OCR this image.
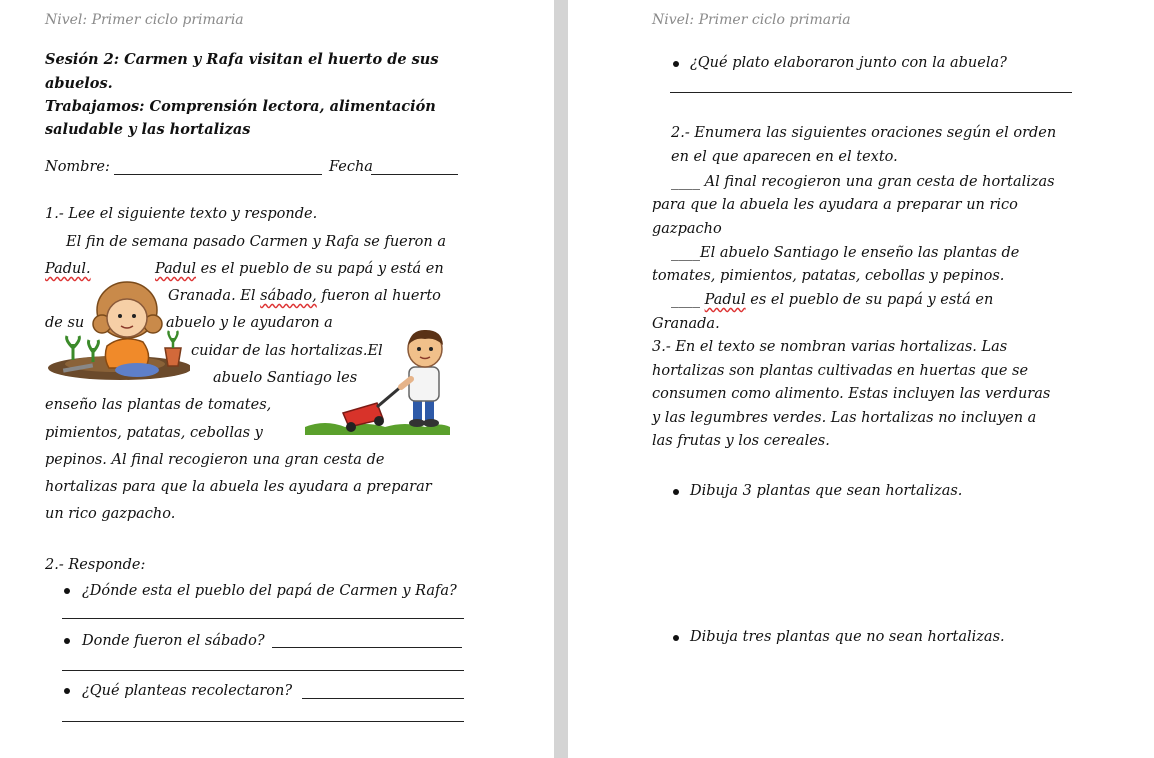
Nivel: Primer ciclo primaria
Sesión 2: Carmen y Rafa visitan el huerto de sus
abuelos.
Trabajamos: Comprensión lectora, alimentación
saludable y las hortalizas
Nombre:	Fecha
1.- Lee el siguiente texto y responde.
El fin de semana pasado Carmen y Rafa se fueron a
Padul.	Padul es el pueblo de su papá y está en
Granada. El sábado, fueron al huerto
de su	abuelo y le ayudaron a
cuidar de las hortalizas.El
abuelo Santiago les
enseño las plantas de tomates,
pimientos, patatas, cebollas y
pepinos. Al final recogieron una gran cesta de
hortalizas para que la abuela les ayudara a preparar
un rico gazpacho.
2.- Responde:
¿Dónde esta el pueblo del papá de Carmen y Rafa?
Donde fueron el sábado?
¿Qué planteas recolectaron?
Nivel: Primer ciclo primaria
¿Qué plato elaboraron junto con la abuela?
2.- Enumera las siguientes oraciones según el orden
en el que aparecen en el texto.
____ Al final recogieron una gran cesta de hortalizas
para que la abuela les ayudara a preparar un rico
gazpacho
____El abuelo Santiago le enseño las plantas de
tomates, pimientos, patatas, cebollas y pepinos.
____ Padul es el pueblo de su papá y está en
Granada.
3.- En el texto se nombran varias hortalizas. Las
hortalizas son plantas cultivadas en huertas que se
consumen como alimento. Estas incluyen las verduras
y las legumbres verdes. Las hortalizas no incluyen a
las frutas y los cereales.
Dibuja 3 plantas que sean hortalizas.
Dibuja tres plantas que no sean hortalizas.
